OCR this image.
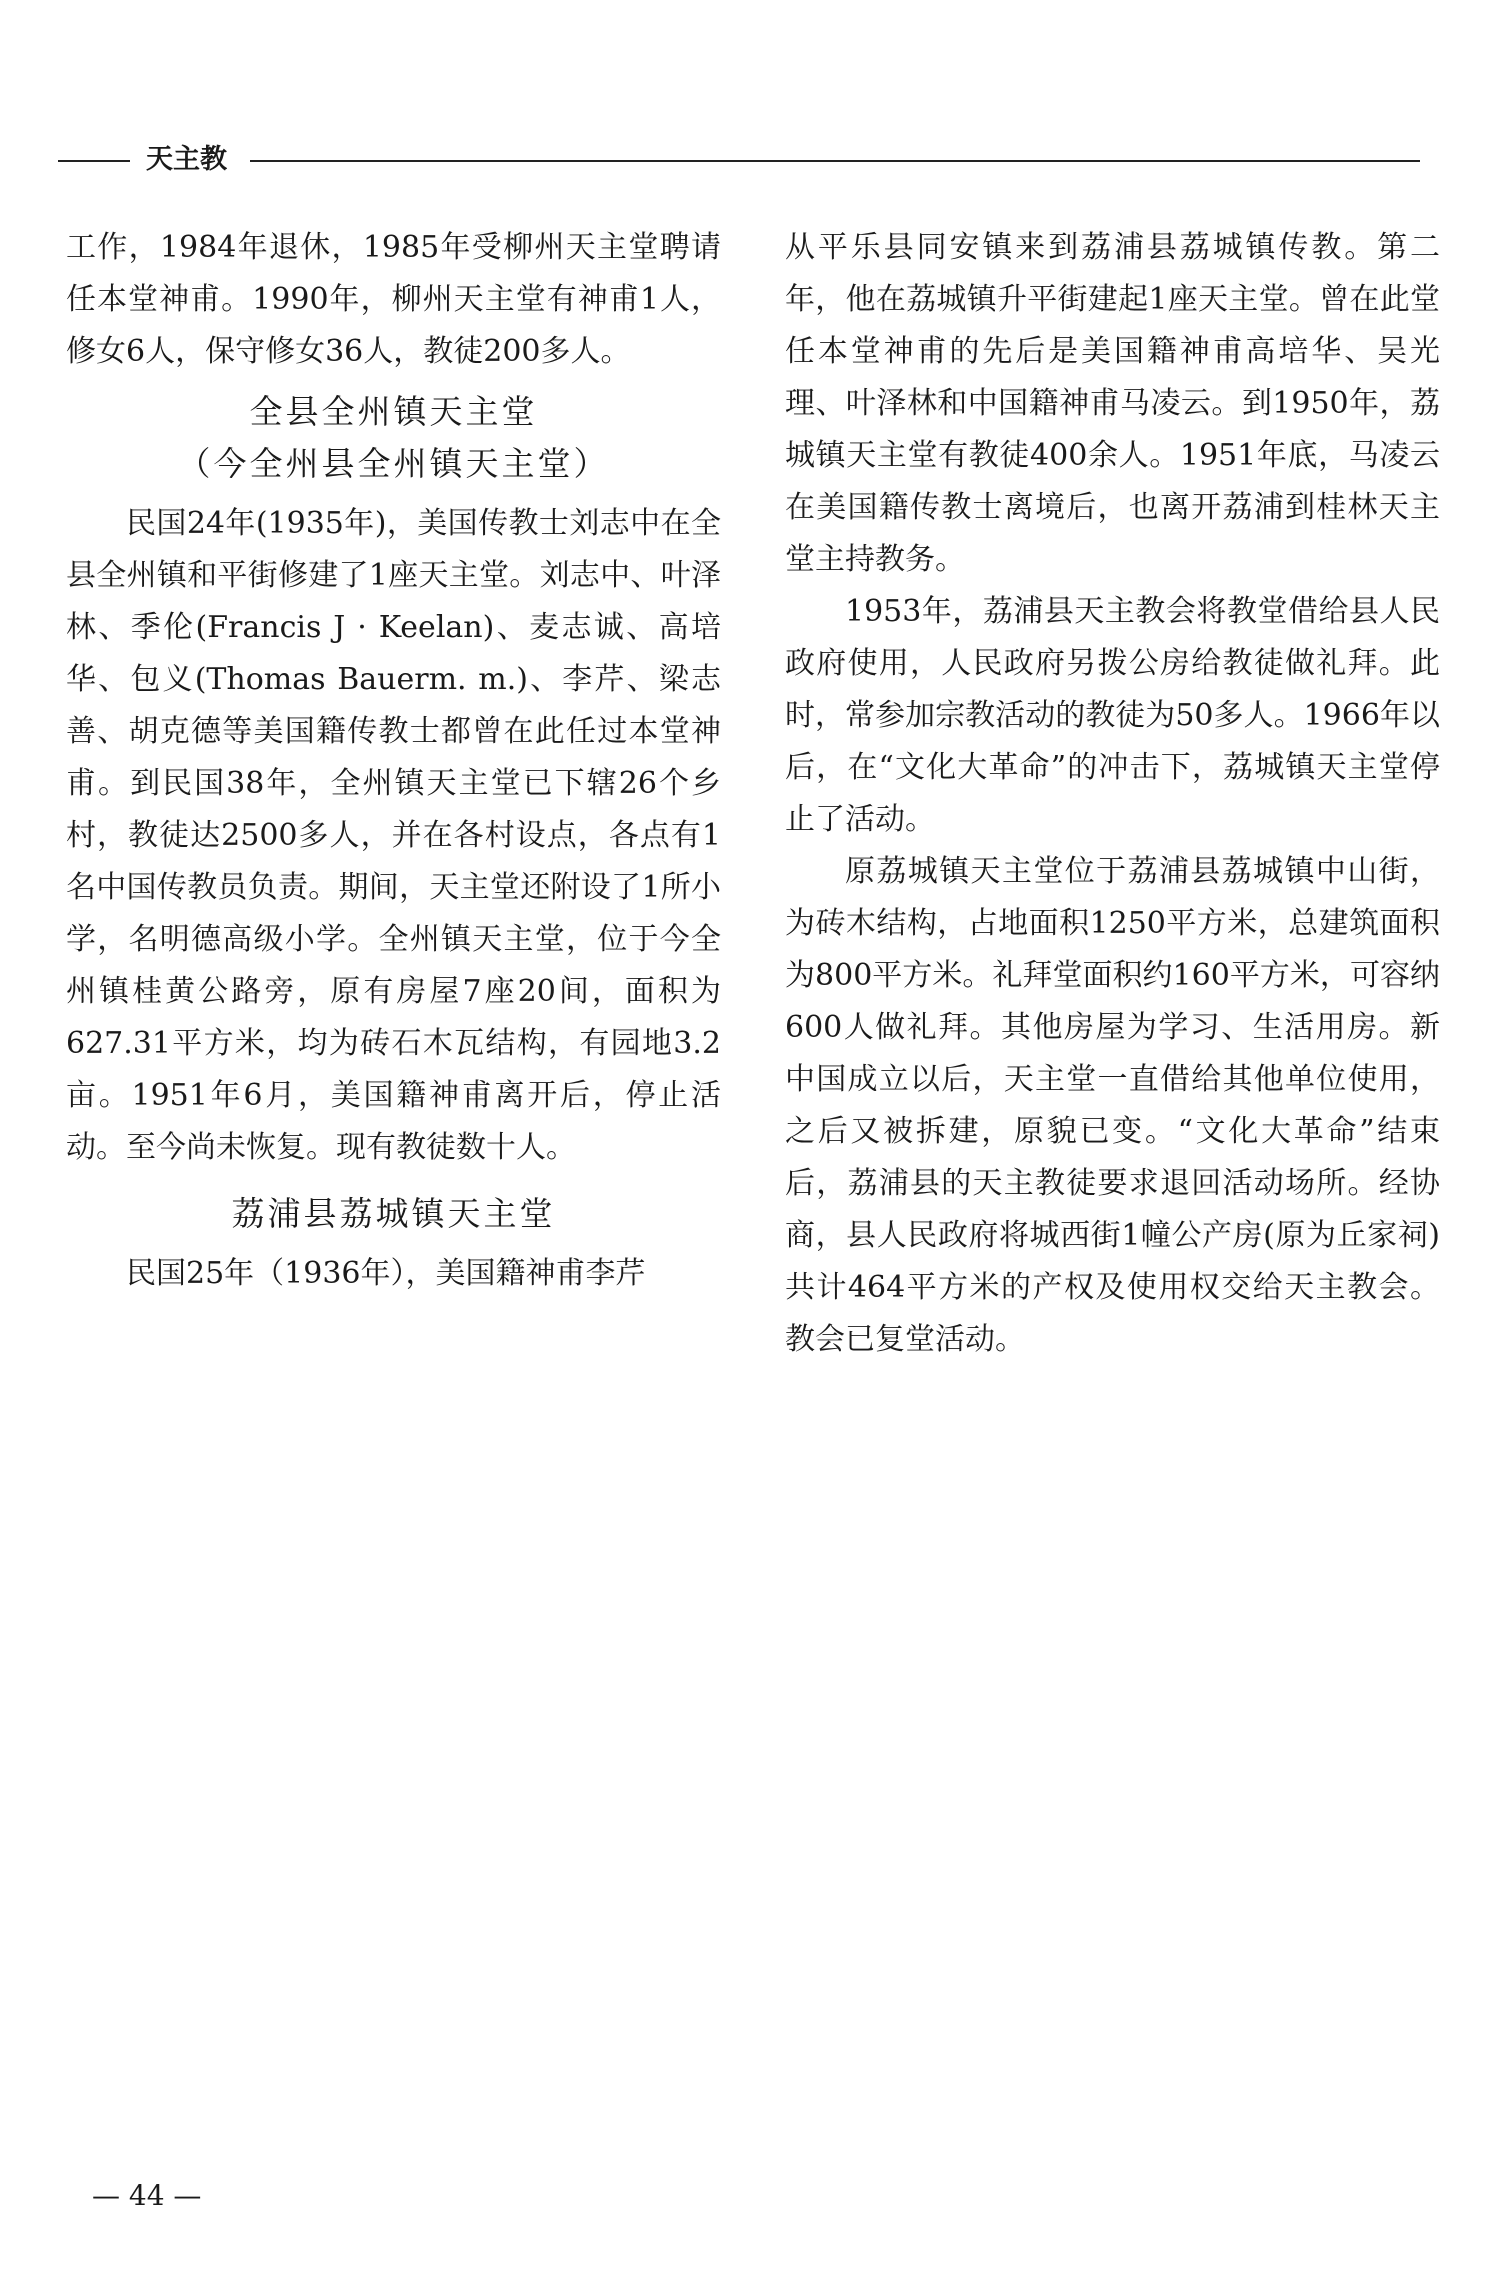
天主教

工作，1984年退休，1985年受柳州天主堂聘请任本堂神甫。1990年，柳州天主堂有神甫1人，修女6人，保守修女36人，教徒200多人。

全县全州镇天主堂
（今全州县全州镇天主堂）

民国24年(1935年)，美国传教士刘志中在全县全州镇和平街修建了1座天主堂。刘志中、叶泽林、季伦(Francis J · Keelan)、麦志诚、高培华、包义(Thomas Bauerm. m.)、李芹、梁志善、胡克德等美国籍传教士都曾在此任过本堂神甫。到民国38年，全州镇天主堂已下辖26个乡村，教徒达2500多人，并在各村设点，各点有1名中国传教员负责。期间，天主堂还附设了1所小学，名明德高级小学。全州镇天主堂，位于今全州镇桂黄公路旁，原有房屋7座20间，面积为627.31平方米，均为砖石木瓦结构，有园地3.2亩。1951年6月，美国籍神甫离开后，停止活动。至今尚未恢复。现有教徒数十人。

荔浦县荔城镇天主堂

民国25年（1936年），美国籍神甫李芹

从平乐县同安镇来到荔浦县荔城镇传教。第二年，他在荔城镇升平街建起1座天主堂。曾在此堂任本堂神甫的先后是美国籍神甫高培华、吴光理、叶泽林和中国籍神甫马凌云。到1950年，荔城镇天主堂有教徒400余人。1951年底，马凌云在美国籍传教士离境后，也离开荔浦到桂林天主堂主持教务。

1953年，荔浦县天主教会将教堂借给县人民政府使用，人民政府另拨公房给教徒做礼拜。此时，常参加宗教活动的教徒为50多人。1966年以后，在“文化大革命”的冲击下，荔城镇天主堂停止了活动。

原荔城镇天主堂位于荔浦县荔城镇中山街，为砖木结构，占地面积1250平方米，总建筑面积为800平方米。礼拜堂面积约160平方米，可容纳600人做礼拜。其他房屋为学习、生活用房。新中国成立以后，天主堂一直借给其他单位使用，之后又被拆建，原貌已变。“文化大革命”结束后，荔浦县的天主教徒要求退回活动场所。经协商，县人民政府将城西街1幢公产房(原为丘家祠)共计464平方米的产权及使用权交给天主教会。教会已复堂活动。

— 44 —
